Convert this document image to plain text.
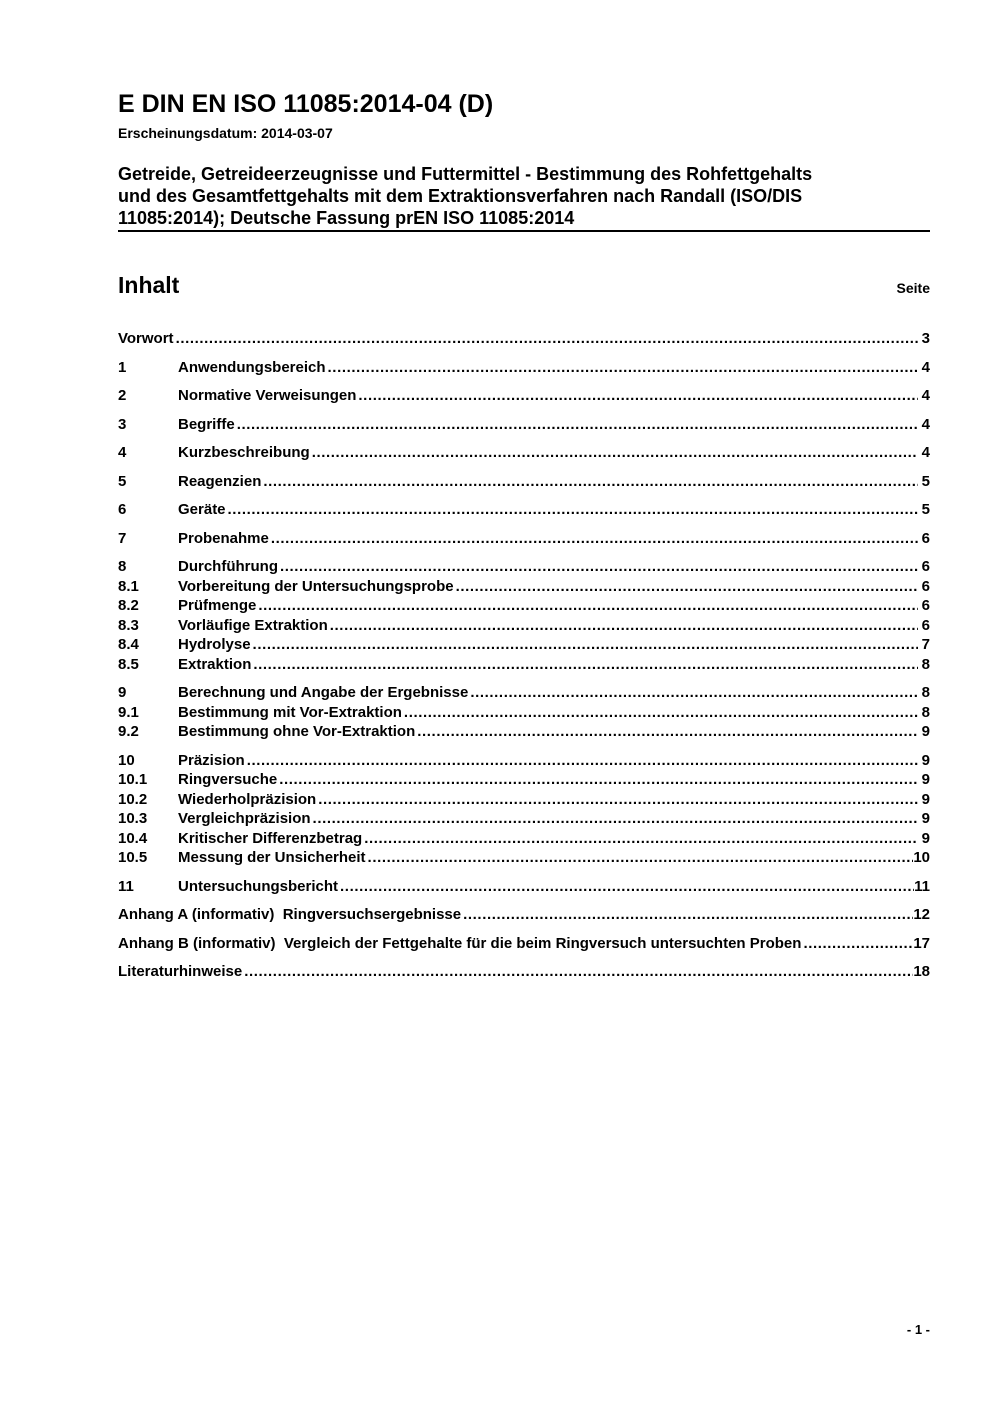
E DIN EN ISO 11085:2014-04 (D)
Erscheinungsdatum: 2014-03-07
Getreide, Getreideerzeugnisse und Futtermittel - Bestimmung des Rohfettgehalts
und des Gesamtfettgehalts mit dem Extraktionsverfahren nach Randall (ISO/DIS
11085:2014); Deutsche Fassung prEN ISO 11085:2014
Inhalt	Seite
Vorwort .....	3
1	Anwendungsbereich .....	4
2	Normative Verweisungen .....	4
3	Begriffe .....	4
4	Kurzbeschreibung .....	4
5	Reagenzien .....	5
6	Geräte .....	5
7	Probenahme .....	6
8	Durchführung .....	6
8.1	Vorbereitung der Untersuchungsprobe .....	6
8.2	Prüfmenge .....	6
8.3	Vorläufige Extraktion .....	6
8.4	Hydrolyse .....	7
8.5	Extraktion .....	8
9	Berechnung und Angabe der Ergebnisse .....	8
9.1	Bestimmung mit Vor-Extraktion .....	8
9.2	Bestimmung ohne Vor-Extraktion .....	9
10	Präzision .....	9
10.1	Ringversuche .....	9
10.2	Wiederholpräzision .....	9
10.3	Vergleichpräzision .....	9
10.4	Kritischer Differenzbetrag .....	9
10.5	Messung der Unsicherheit .....	10
11	Untersuchungsbericht .....	11
Anhang A (informativ)  Ringversuchsergebnisse .....	12
Anhang B (informativ)  Vergleich der Fettgehalte für die beim Ringversuch untersuchten Proben .....	17
Literaturhinweise .....	18
- 1 -
